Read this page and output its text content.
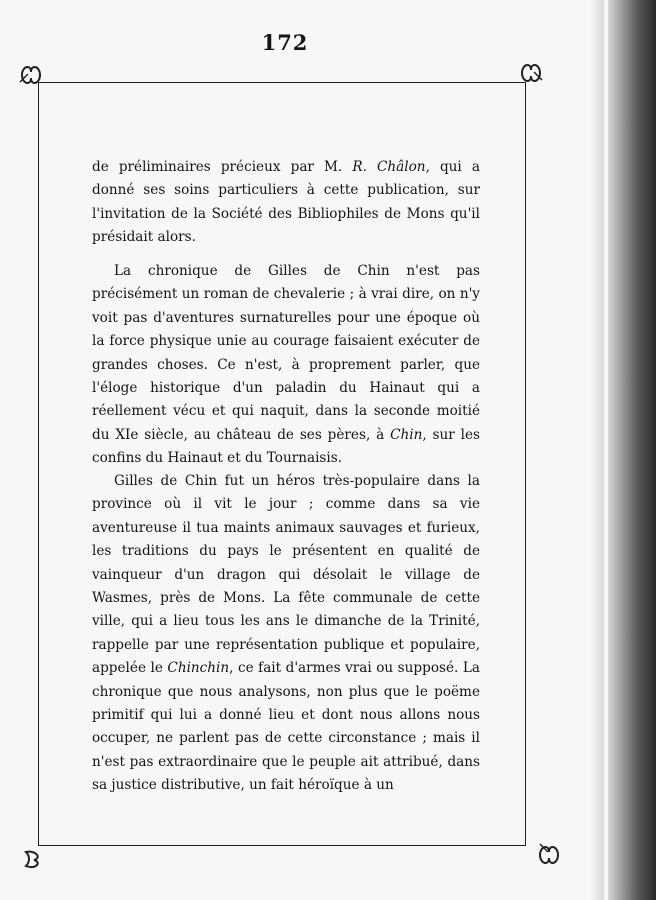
172

de préliminaires précieux par M. R. Châlon, qui a donné ses soins particuliers à cette publication, sur l'invitation de la Société des Bibliophiles de Mons qu'il présidait alors.

La chronique de Gilles de Chin n'est pas précisément un roman de chevalerie ; à vrai dire, on n'y voit pas d'aventures surnaturelles pour une époque où la force physique unie au courage faisaient exécuter de grandes choses. Ce n'est, à proprement parler, que l'éloge historique d'un paladin du Hainaut qui a réellement vécu et qui naquit, dans la seconde moitié du XIe siècle, au château de ses pères, à Chin, sur les confins du Hainaut et du Tournaisis.

Gilles de Chin fut un héros très-populaire dans la province où il vit le jour ; comme dans sa vie aventureuse il tua maints animaux sauvages et furieux, les traditions du pays le présentent en qualité de vainqueur d'un dragon qui désolait le village de Wasmes, près de Mons. La fête communale de cette ville, qui a lieu tous les ans le dimanche de la Trinité, rappelle par une représentation publique et populaire, appelée le Chinchin, ce fait d'armes vrai ou supposé. La chronique que nous analysons, non plus que le poëme primitif qui lui a donné lieu et dont nous allons nous occuper, ne parlent pas de cette circonstance ; mais il n'est pas extraordinaire que le peuple ait attribué, dans sa justice distributive, un fait héroïque à un
